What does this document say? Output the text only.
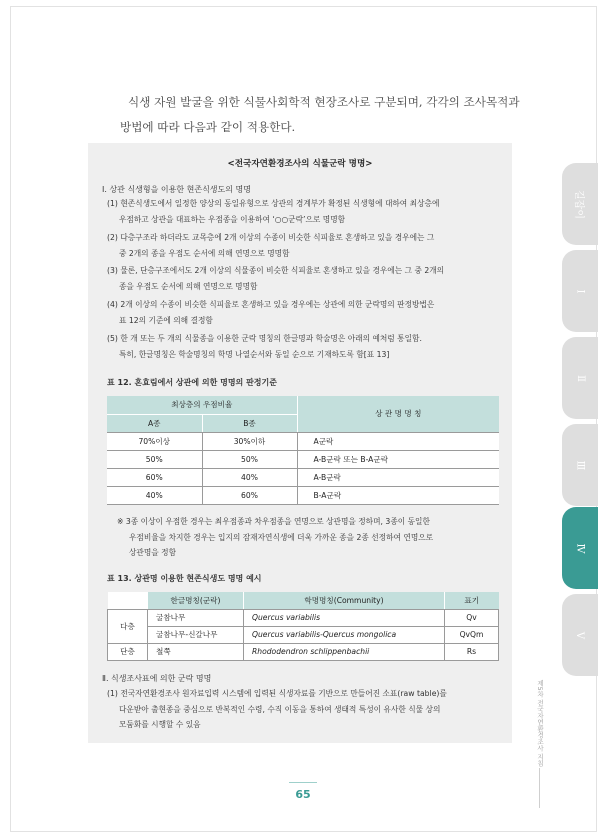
식생 자원 발굴을 위한 식물사회학적 현장조사로 구분되며, 각각의 조사목적과
방법에 따라 다음과 같이 적용한다.
<전국자연환경조사의 식물군락 명명>
Ⅰ. 상관 식생형을 이용한 현존식생도의 명명
(1) 현존식생도에서 일정한 양상의 동일유형으로 상관의 경계부가 확정된 식생형에 대하여 최상층에
우점하고 상관을 대표하는 우점종을 이용하여 ‘○○군락’으로 명명함
(2) 다층구조라 하더라도 교목층에 2개 이상의 수종이 비슷한 식피율로 혼생하고 있을 경우에는 그
중 2개의 종을 우점도 순서에 의해 연명으로 명명함
(3) 물론, 단층구조에서도 2개 이상의 식물종이 비슷한 식피율로 혼생하고 있을 경우에는 그 중 2개의
종을 우점도 순서에 의해 연명으로 명명함
(4) 2개 이상의 수종이 비슷한 식피율로 혼생하고 있을 경우에는 상관에 의한 군락명의 판정방법은
표 12의 기준에 의해 결정함
(5) 한 개 또는 두 개의 식물종을 이용한 군락 명칭의 한글명과 학술명은 아래의 예처럼 통일함.
특히, 한글명칭은 학술명칭의 학명 나열순서와 동일 순으로 기재하도록 함[표 13]
표 12. 혼효림에서 상관에 의한 명명의 판정기준
최상층의 우점비율		상 관 명 명 칭
A종	B종	
70%이상	30%이하	A군락
50%	50%	A-B군락 또는 B-A군락
60%	40%	A-B군락
40%	60%	B-A군락
※ 3종 이상이 우점한 경우는 최우점종과 차우점종을 연명으로 상관명을 정하며, 3종이 동일한
우점비율을 차지한 경우는 입지의 잠재자연식생에 더욱 가까운 종을 2종 선정하여 연명으로
상관명을 정함
표 13. 상관명 이용한 현존식생도 명명 예시
	한글명칭(군락)	학명명칭(Community)	표기
다층	굴참나무	Quercus variabilis	Qv
	굴참나무-신갈나무	Quercus variabilis-Quercus mongolica	QvQm
단층	철쭉	Rhododendron schlippenbachii	Rs
Ⅱ. 식생조사표에 의한 군락 명명
(1) 전국자연환경조사 원자료입력 시스템에 입력된 식생자료를 기반으로 만들어진 소표(raw table)를
다운받아 출현종을 중심으로 반복적인 수령, 수직 이동을 통하여 생태적 특성이 유사한 식물 상의
모둠화를 시행할 수 있음
길잡이
Ⅰ
Ⅱ
Ⅲ
Ⅳ
Ⅴ
제5차 전국자연환경조사 지침
65
